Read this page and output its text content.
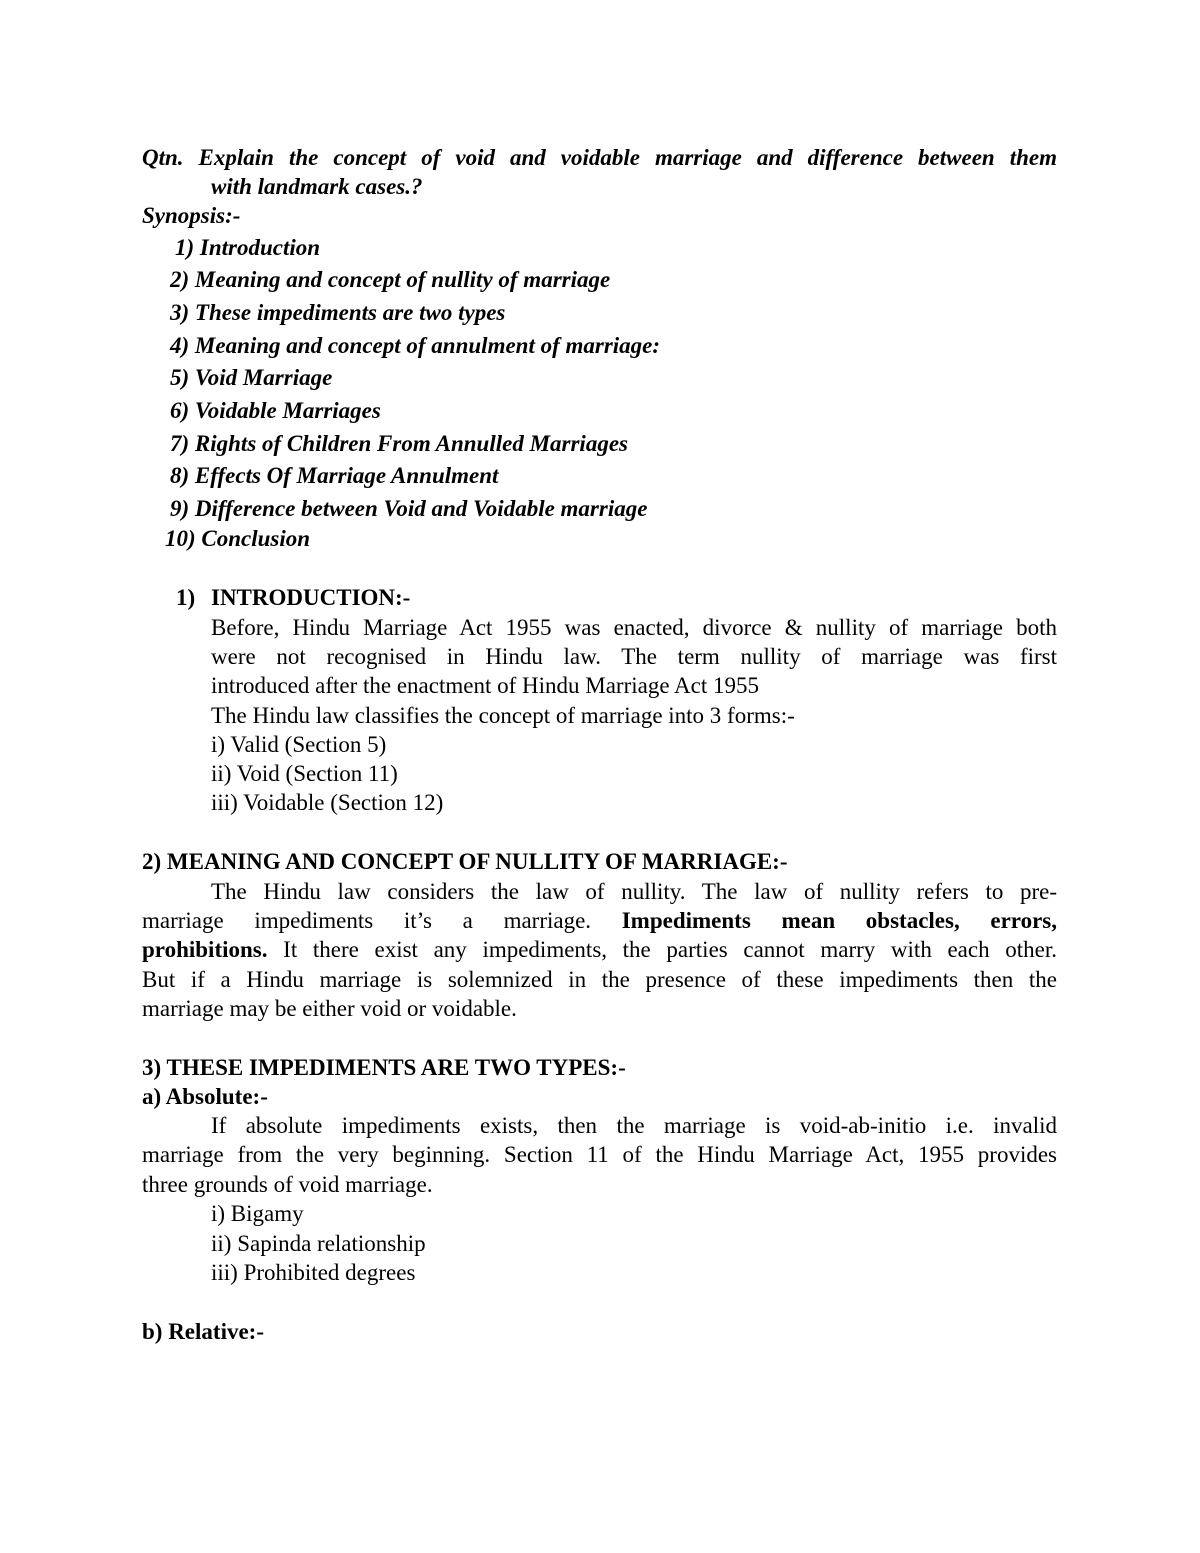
Qtn. Explain the concept of void and voidable marriage and difference between them
with landmark cases.?
Synopsis:-
1) Introduction
2) Meaning and concept of nullity of marriage
3) These impediments are two types
4) Meaning and concept of annulment of marriage:
5) Void Marriage
6) Voidable Marriages
7) Rights of Children From Annulled Marriages
8) Effects Of Marriage Annulment
9) Difference between Void and Voidable marriage
10) Conclusion
1) INTRODUCTION:-
Before, Hindu Marriage Act 1955 was enacted, divorce & nullity of marriage both
were not recognised in Hindu law. The term nullity of marriage was first
introduced after the enactment of Hindu Marriage Act 1955
The Hindu law classifies the concept of marriage into 3 forms:-
i) Valid (Section 5)
ii) Void (Section 11)
iii) Voidable (Section 12)
2) MEANING AND CONCEPT OF NULLITY OF MARRIAGE:-
The Hindu law considers the law of nullity. The law of nullity refers to pre-
marriage impediments it’s a marriage. Impediments mean obstacles, errors,
prohibitions. It there exist any impediments, the parties cannot marry with each other.
But if a Hindu marriage is solemnized in the presence of these impediments then the
marriage may be either void or voidable.
3) THESE IMPEDIMENTS ARE TWO TYPES:-
a) Absolute:-
If absolute impediments exists, then the marriage is void-ab-initio i.e. invalid
marriage from the very beginning. Section 11 of the Hindu Marriage Act, 1955 provides
three grounds of void marriage.
i) Bigamy
ii) Sapinda relationship
iii) Prohibited degrees
b) Relative:-
